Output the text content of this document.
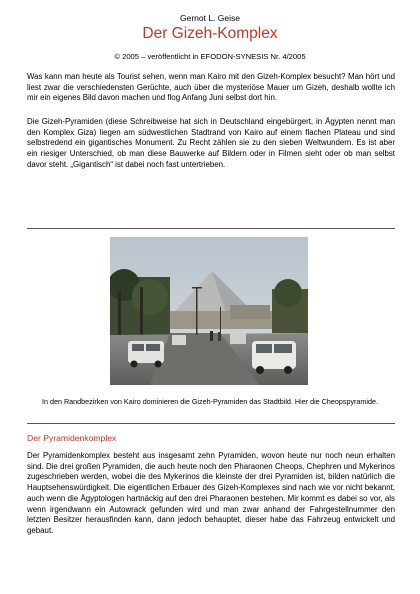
Gernot L. Geise
Der Gizeh-Komplex
© 2005 – veröffentlicht in EFODON-SYNESIS Nr. 4/2005

Was kann man heute als Tourist sehen, wenn man Kairo mit den Gizeh-Komplex besucht? Man hört und liest zwar die verschiedensten Gerüchte, auch über die mysteriöse Mauer um Gizeh, deshalb wollte ich mir ein eigenes Bild davon machen und flog Anfang Juni selbst dort hin.

Die Gizeh-Pyramiden (diese Schreibweise hat sich in Deutschland eingebürgert, in Ägypten nennt man den Komplex Giza) liegen am südwestlichen Stadtrand von Kairo auf einem flachen Plateau und sind selbstredend ein gigantisches Monument. Zu Recht zählen sie zu den sieben Weltwundern. Es ist aber ein riesiger Unterschied, ob man diese Bauwerke auf Bildern oder in Filmen sieht oder ob man selbst davor steht. „Gigantisch“ ist dabei noch fast untertrieben.

In den Randbezirken von Kairo dominieren die Gizeh-Pyramiden das Stadtbild. Hier die Cheopspyramide.
Der Pyramidenkomplex

Der Pyramidenkomplex besteht aus insgesamt zehn Pyramiden, wovon heute nur noch neun erhalten sind. Die drei großen Pyramiden, die auch heute noch den Pharaonen Cheops, Chephren und Mykerinos zugeschrieben werden, wobei die des Mykerinos die kleinste der drei Pyramiden ist, bilden natürlich die Hauptsehenswürdigkeit. Die eigentlichen Erbauer des Gizeh-Komplexes sind nach wie vor nicht bekannt, auch wenn die Ägyptologen hartnäckig auf den drei Pharaonen bestehen. Mir kommt es dabei so vor, als wenn irgendwann ein Autowrack gefunden wird und man zwar anhand der Fahrgestellnummer den letzten Besitzer herausfinden kann, dann jedoch behauptet, dieser habe das Fahrzeug entwickelt und gebaut.
